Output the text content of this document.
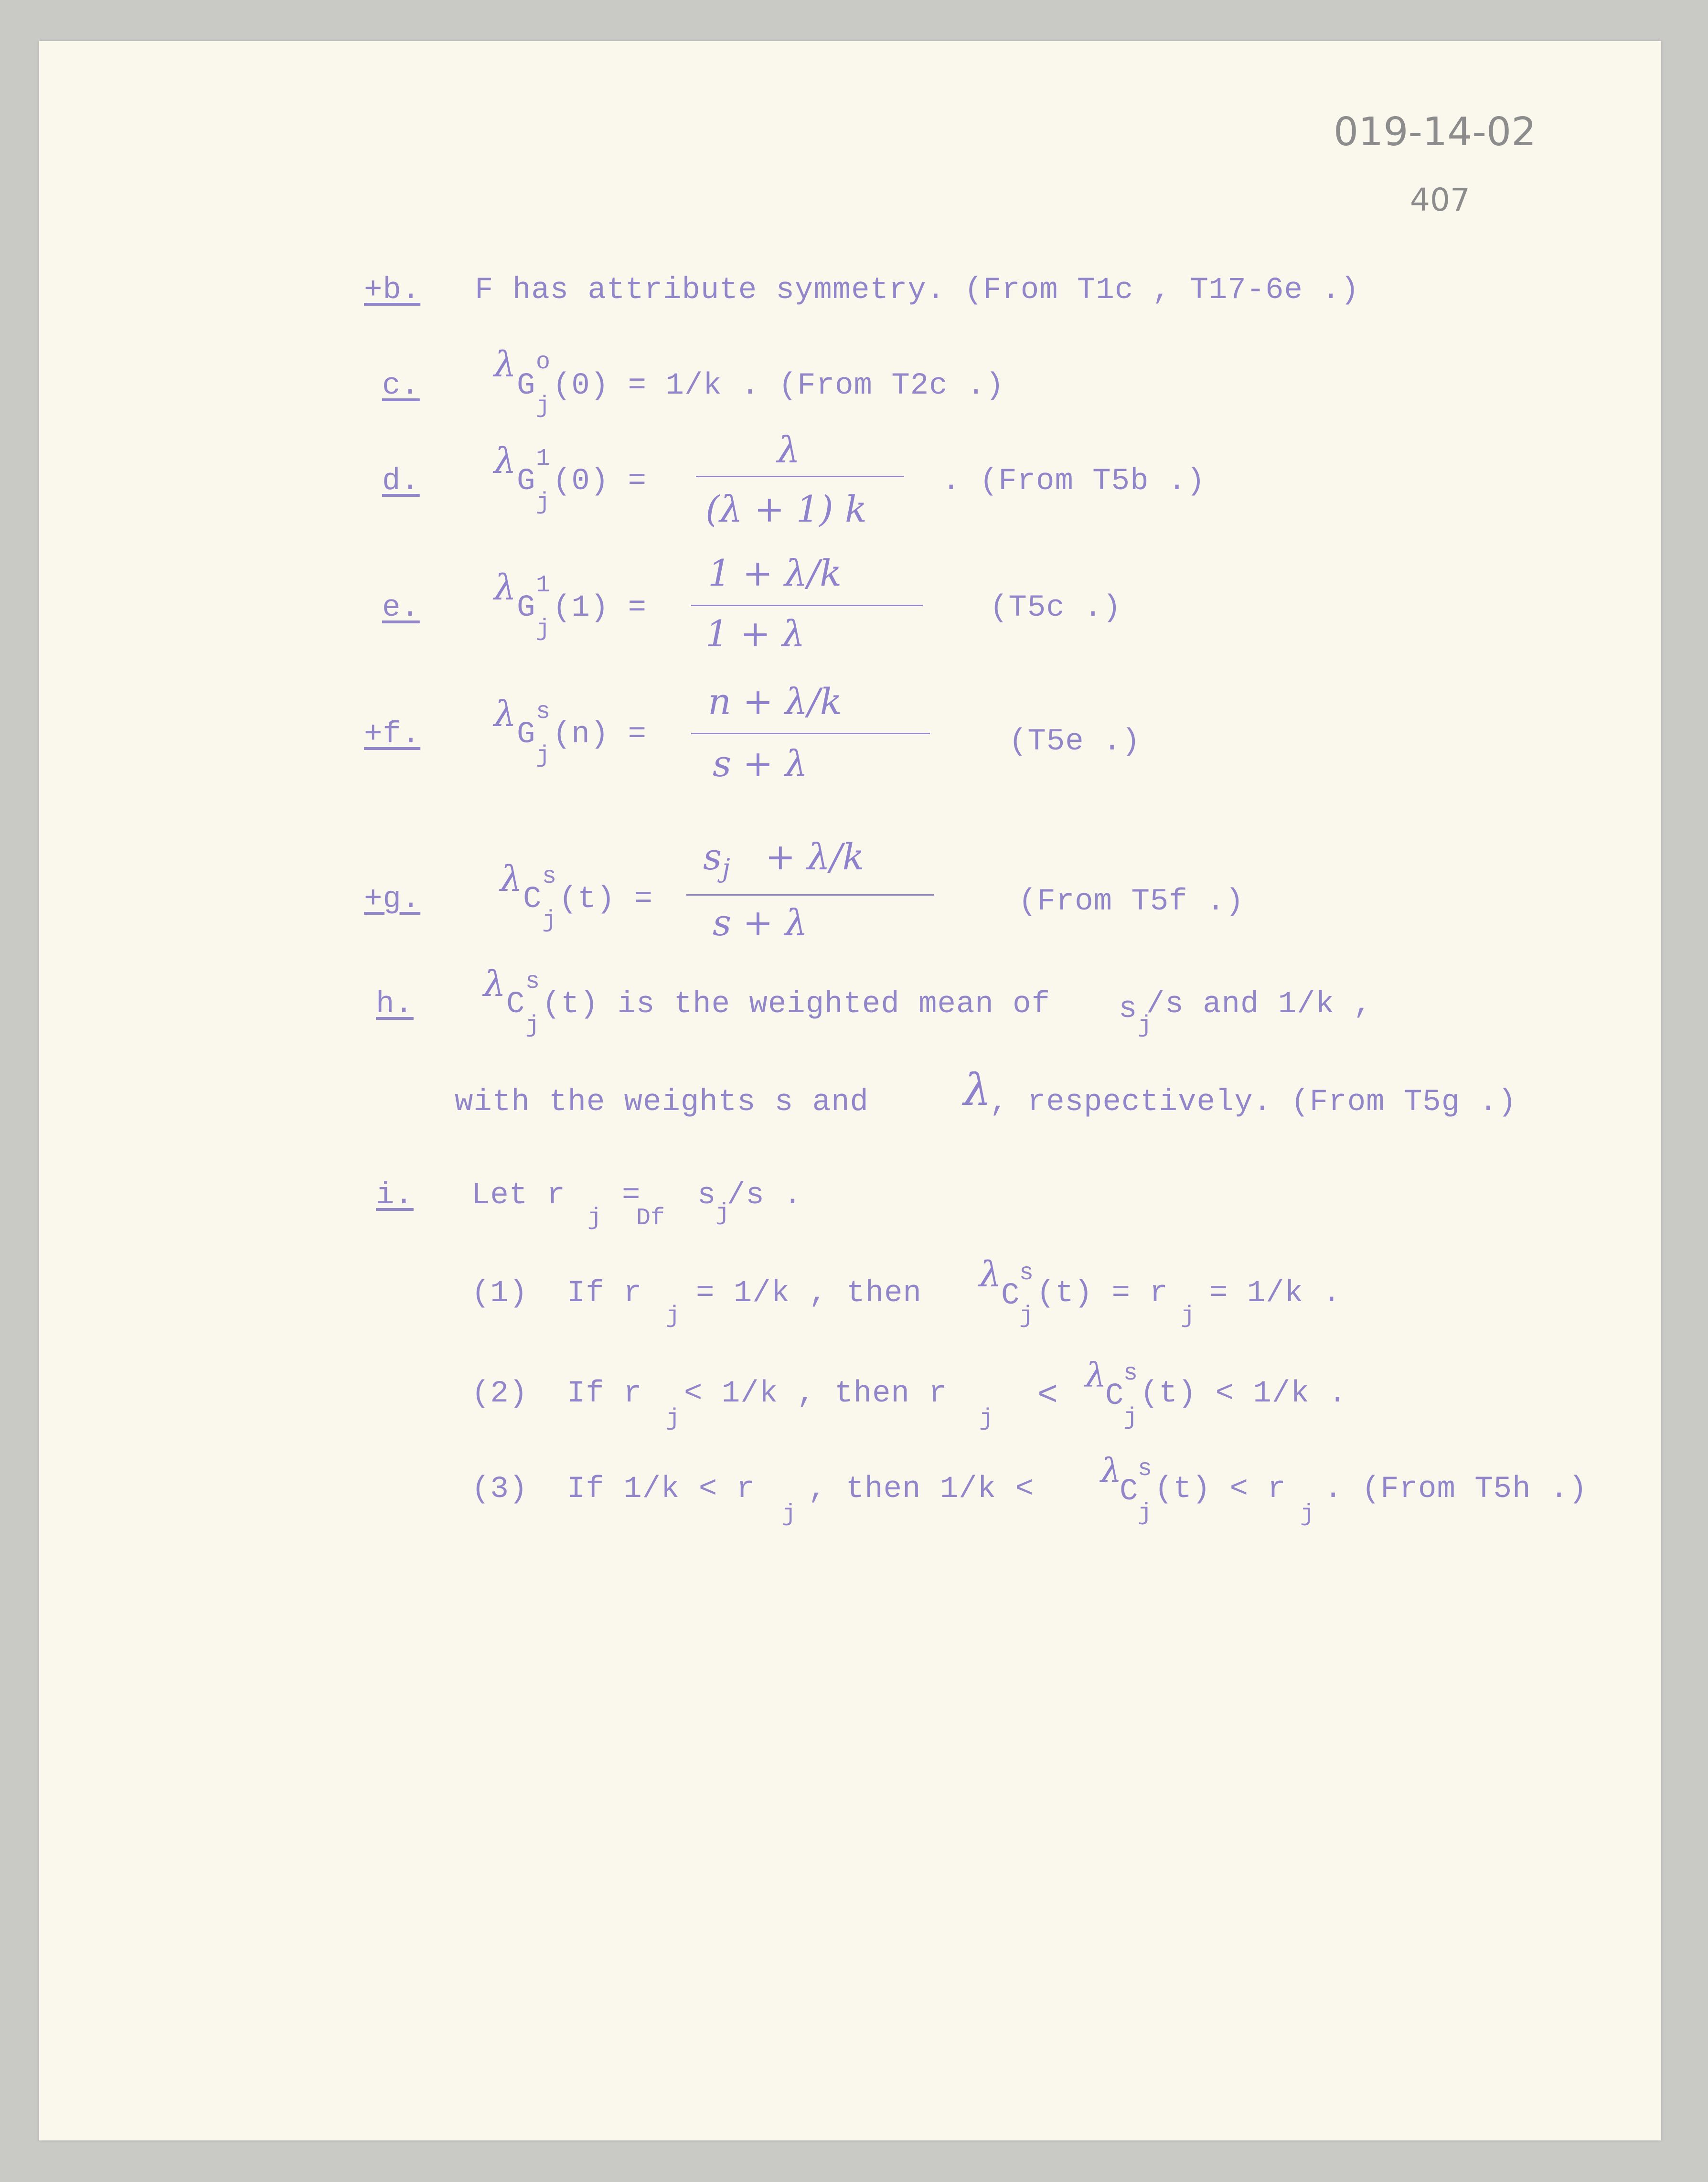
019-14-02
407
+b. F has attribute symmetry. (From T1c , T17-6e .)
c.
λ
G
o
j
(0) = 1/k . (From T2c .)
d. λ G
1
j
(0) =
λ
(λ + 1) k
. (From T5b .)
e. λ G
1
j
(1) =
1 + λ/k
1 + λ
(T5c .)
+f. λ G
s
j
(n) =
n + λ/k
s + λ
(T5e .)
+g. λ C
s
j
(t) =
s j + λ/k
s + λ	(From T5f .)
h. λ C
s
j
(t) is the weighted mean of s j
/s and 1/k ,
with the weights s and λ
, respectively. (From T5g .)
i. Let r
j
=
Df
s
j
/s .
(1) If r
j
= 1/k , then λ
C
s
j
(t) = r
j
= 1/k .
(2) If r
j
< 1/k , then r
j
<
λ
C
s
j
(t) < 1/k .
(3) If 1/k < r
j
, then 1/k < λ
C
s
j
(t) < r
j
. (From T5h .)
